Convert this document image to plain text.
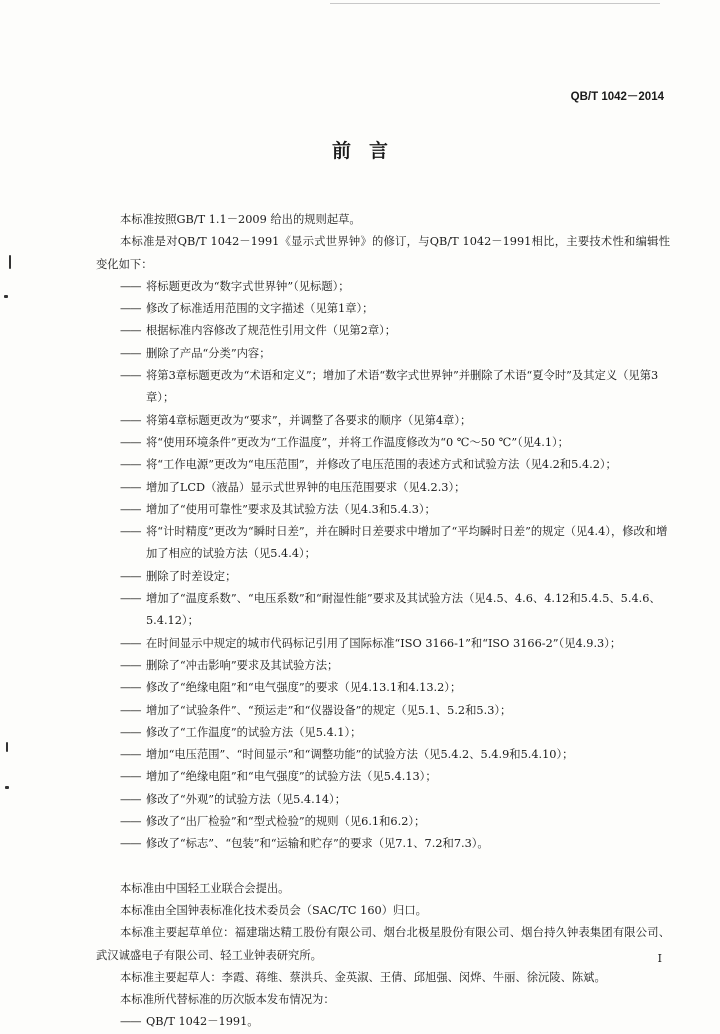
QB/T 1042－2014
前言

本标准按照GB/T 1.1－2009 给出的规则起草。

本标准是对QB/T 1042－1991《显示式世界钟》的修订，与QB/T 1042－1991相比，主要技术性和编辑性变化如下：

—— 将标题更改为“数字式世界钟”（见标题）；

—— 修改了标准适用范围的文字描述（见第1章）；

—— 根据标准内容修改了规范性引用文件（见第2章）；

—— 删除了产品“分类”内容；

—— 将第3章标题更改为“术语和定义”；增加了术语“数字式世界钟”并删除了术语“夏令时”及其定义（见第3章）；

—— 将第4章标题更改为“要求”，并调整了各要求的顺序（见第4章）；

—— 将“使用环境条件”更改为“工作温度”，并将工作温度修改为“0 ℃～50 ℃”（见4.1）；

—— 将“工作电源”更改为“电压范围”，并修改了电压范围的表述方式和试验方法（见4.2和5.4.2）；

—— 增加了LCD（液晶）显示式世界钟的电压范围要求（见4.2.3）；

—— 增加了“使用可靠性”要求及其试验方法（见4.3和5.4.3）；

—— 将“计时精度”更改为“瞬时日差”，并在瞬时日差要求中增加了“平均瞬时日差”的规定（见4.4），修改和增加了相应的试验方法（见5.4.4）；

—— 删除了时差设定；

—— 增加了“温度系数”、“电压系数”和“耐湿性能”要求及其试验方法（见4.5、4.6、4.12和5.4.5、5.4.6、5.4.12）；

—— 在时间显示中规定的城市代码标记引用了国际标准“ISO 3166-1”和“ISO 3166-2”（见4.9.3）；

—— 删除了“冲击影响”要求及其试验方法；

—— 修改了“绝缘电阻”和“电气强度”的要求（见4.13.1和4.13.2）；

—— 增加了“试验条件”、“预运走”和“仪器设备”的规定（见5.1、5.2和5.3）；

—— 修改了“工作温度”的试验方法（见5.4.1）；

—— 增加“电压范围”、“时间显示”和“调整功能”的试验方法（见5.4.2、5.4.9和5.4.10）；

—— 增加了“绝缘电阻”和“电气强度”的试验方法（见5.4.13）；

—— 修改了“外观”的试验方法（见5.4.14）；

—— 修改了“出厂检验”和“型式检验”的规则（见6.1和6.2）；

—— 修改了“标志”、“包装”和“运输和贮存”的要求（见7.1、7.2和7.3）。

本标准由中国轻工业联合会提出。

本标准由全国钟表标准化技术委员会（SAC/TC 160）归口。

本标准主要起草单位：福建瑞达精工股份有限公司、烟台北极星股份有限公司、烟台持久钟表集团有限公司、武汉诚盛电子有限公司、轻工业钟表研究所。

本标准主要起草人：李霞、蒋维、蔡洪兵、金英淑、王倩、邱旭强、闵烨、牛丽、徐沅陵、陈斌。

本标准所代替标准的历次版本发布情况为：

—— QB/T 1042－1991。

I
